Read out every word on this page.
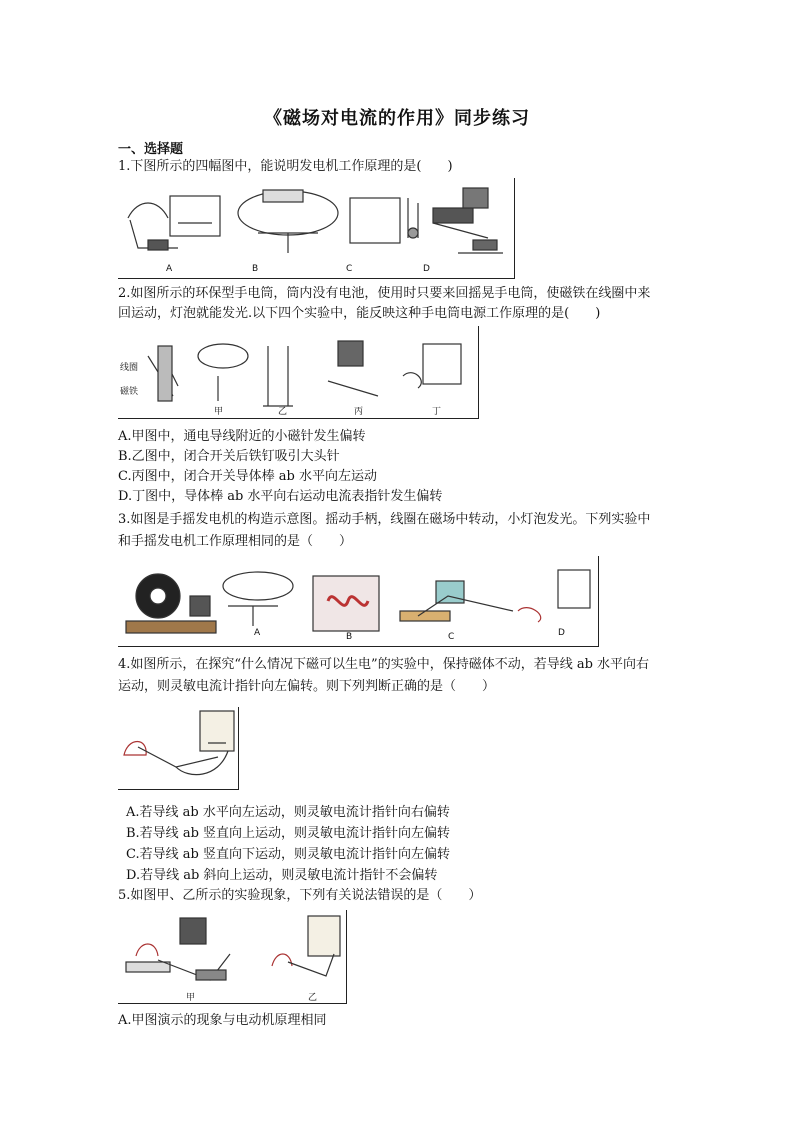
《磁场对电流的作用》同步练习
一、选择题
1.下图所示的四幅图中，能说明发电机工作原理的是(　　)
A	B	C	D
2.如图所示的环保型手电筒，筒内没有电池，使用时只要来回摇晃手电筒，使磁铁在线圈中来
回运动，灯泡就能发光.以下四个实验中，能反映这种手电筒电源工作原理的是(　　)
线圈
磁铁
甲	乙	丙	丁
A.甲图中，通电导线附近的小磁针发生偏转
B.乙图中，闭合开关后铁钉吸引大头针
C.丙图中，闭合开关导体棒 ab 水平向左运动
D.丁图中，导体棒 ab 水平向右运动电流表指针发生偏转
3.如图是手摇发电机的构造示意图。摇动手柄，线圈在磁场中转动，小灯泡发光。下列实验中
和手摇发电机工作原理相同的是（　　）
A	B	C	D
4.如图所示，在探究“什么情况下磁可以生电”的实验中，保持磁体不动，若导线 ab 水平向右
运动，则灵敏电流计指针向左偏转。则下列判断正确的是（　　）
A.若导线 ab 水平向左运动，则灵敏电流计指针向右偏转
B.若导线 ab 竖直向上运动，则灵敏电流计指针向左偏转
C.若导线 ab 竖直向下运动，则灵敏电流计指针向左偏转
D.若导线 ab 斜向上运动，则灵敏电流计指针不会偏转
5.如图甲、乙所示的实验现象，下列有关说法错误的是（　　）
甲	乙
A.甲图演示的现象与电动机原理相同
